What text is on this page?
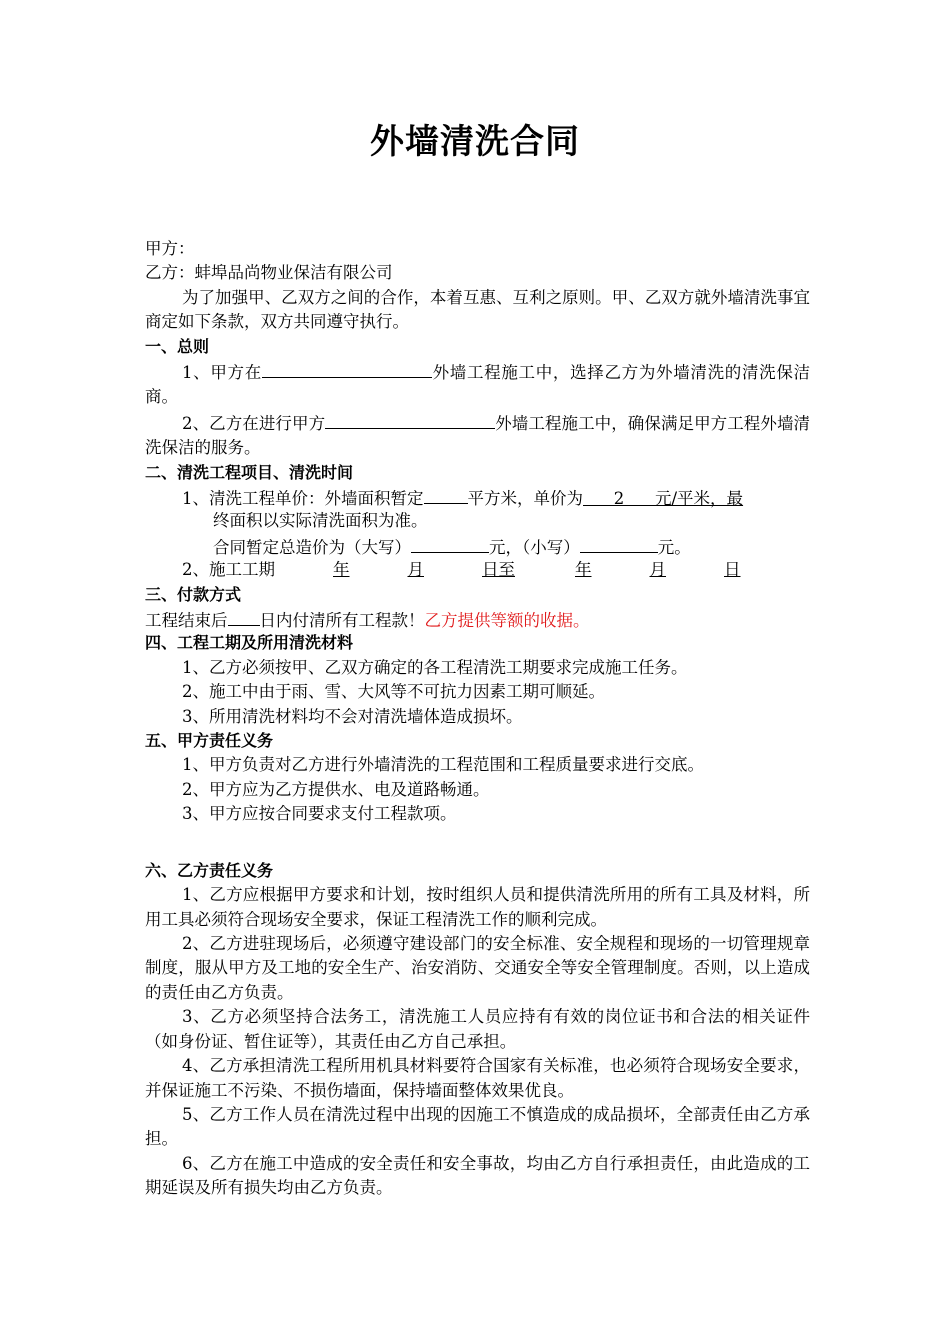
外墙清洗合同
甲方：
乙方：蚌埠品尚物业保洁有限公司
为了加强甲、乙双方之间的合作，本着互惠、互利之原则。甲、乙双方就外墙清洗事宜商定如下条款，双方共同遵守执行。
一、总则
1、甲方在	外墙工程施工中，选择乙方为外墙清洗的清洗保洁商。
2、乙方在进行甲方	外墙工程施工中，确保满足甲方工程外墙清洗保洁的服务。
二、清洗工程项目、清洗时间
1、清洗工程单价：外墙面积暂定	平方米，单价为 2 元/平米，最
终面积以实际清洗面积为准。
合同暂定总造价为（大写）	元，（小写）	元。
2、施工工期	年	月	日至	年	月	日
三、付款方式
工程结束后 日内付清所有工程款！乙方提供等额的收据。
四、工程工期及所用清洗材料
1、乙方必须按甲、乙双方确定的各工程清洗工期要求完成施工任务。
2、施工中由于雨、雪、大风等不可抗力因素工期可顺延。
3、所用清洗材料均不会对清洗墙体造成损坏。
五、甲方责任义务
1、甲方负责对乙方进行外墙清洗的工程范围和工程质量要求进行交底。
2、甲方应为乙方提供水、电及道路畅通。
3、甲方应按合同要求支付工程款项。
六、乙方责任义务
1、乙方应根据甲方要求和计划，按时组织人员和提供清洗所用的所有工具及材料，所用工具必须符合现场安全要求，保证工程清洗工作的顺利完成。
2、乙方进驻现场后，必须遵守建设部门的安全标准、安全规程和现场的一切管理规章制度，服从甲方及工地的安全生产、治安消防、交通安全等安全管理制度。否则，以上造成的责任由乙方负责。
3、乙方必须坚持合法务工，清洗施工人员应持有有效的岗位证书和合法的相关证件（如身份证、暂住证等），其责任由乙方自己承担。
4、乙方承担清洗工程所用机具材料要符合国家有关标准，也必须符合现场安全要求，并保证施工不污染、不损伤墙面，保持墙面整体效果优良。
5、乙方工作人员在清洗过程中出现的因施工不慎造成的成品损坏，全部责任由乙方承担。
6、乙方在施工中造成的安全责任和安全事故，均由乙方自行承担责任，由此造成的工期延误及所有损失均由乙方负责。
